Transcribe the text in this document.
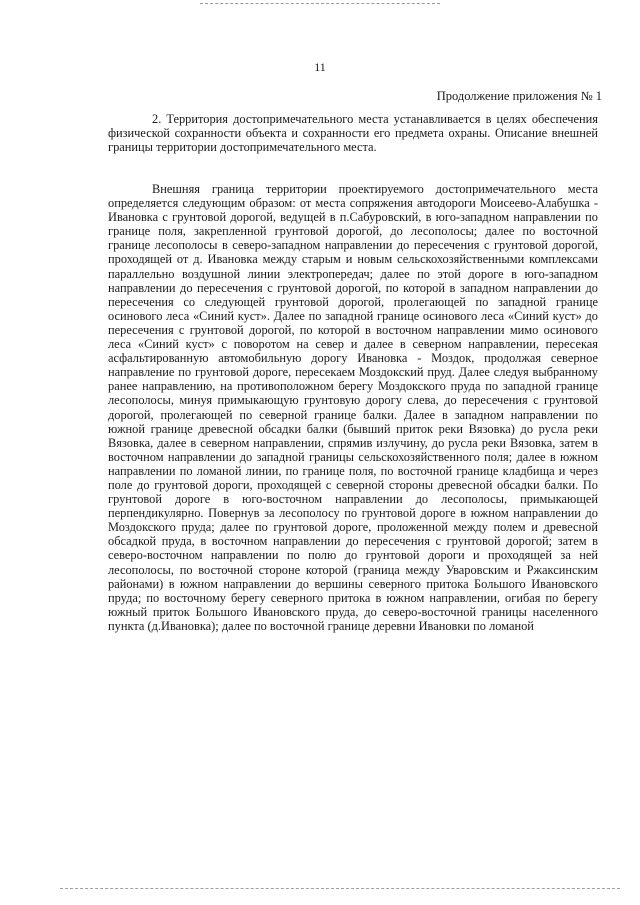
11
Продолжение приложения № 1

2. Территория достопримечательного места устанавливается в целях обеспечения физической сохранности объекта и сохранности его предмета охраны. Описание внешней границы территории достопримечательного места.

Внешняя граница территории проектируемого достопримечательного места определяется следующим образом: от места сопряжения автодороги Моисеево-Алабушка - Ивановка с грунтовой дорогой, ведущей в п.Сабуровский, в юго-западном направлении по границе поля, закрепленной грунтовой дорогой, до лесополосы; далее по восточной границе лесополосы в северо-западном направлении до пересечения с грунтовой дорогой, проходящей от д. Ивановка между старым и новым сельскохозяйственными комплексами параллельно воздушной линии электропередач; далее по этой дороге в юго-западном направлении до пересечения с грунтовой дорогой, по которой в западном направлении до пересечения со следующей грунтовой дорогой, пролегающей по западной границе осинового леса «Синий куст». Далее по западной границе осинового леса «Синий куст» до пересечения с грунтовой дорогой, по которой в восточном направлении мимо осинового леса «Синий куст» с поворотом на север и далее в северном направлении, пересекая асфальтированную автомобильную дорогу Ивановка - Моздок, продолжая северное направление по грунтовой дороге, пересекаем Моздокский пруд. Далее следуя выбранному ранее направлению, на противоположном берегу Моздокского пруда по западной границе лесополосы, минуя примыкающую грунтовую дорогу слева, до пересечения с грунтовой дорогой, пролегающей по северной границе балки. Далее в западном направлении по южной границе древесной обсадки балки (бывший приток реки Вязовка) до русла реки Вязовка, далее в северном направлении, спрямив излучину, до русла реки Вязовка, затем в восточном направлении до западной границы сельскохозяйственного поля; далее в южном направлении по ломаной линии, по границе поля, по восточной границе кладбища и через поле до грунтовой дороги, проходящей с северной стороны древесной обсадки балки. По грунтовой дороге в юго-восточном направлении до лесополосы, примыкающей перпендикулярно. Повернув за лесополосу по грунтовой дороге в южном направлении до Моздокского пруда; далее по грунтовой дороге, проложенной между полем и древесной обсадкой пруда, в восточном направлении до пересечения с грунтовой дорогой; затем в северо-восточном направлении по полю до грунтовой дороги и проходящей за ней лесополосы, по восточной стороне которой (граница между Уваровским и Ржаксинским районами) в южном направлении до вершины северного притока Большого Ивановского пруда; по восточному берегу северного притока в южном направлении, огибая по берегу южный приток Большого Ивановского пруда, до северо-восточной границы населенного пункта (д.Ивановка); далее по восточной границе деревни Ивановки по ломаной
